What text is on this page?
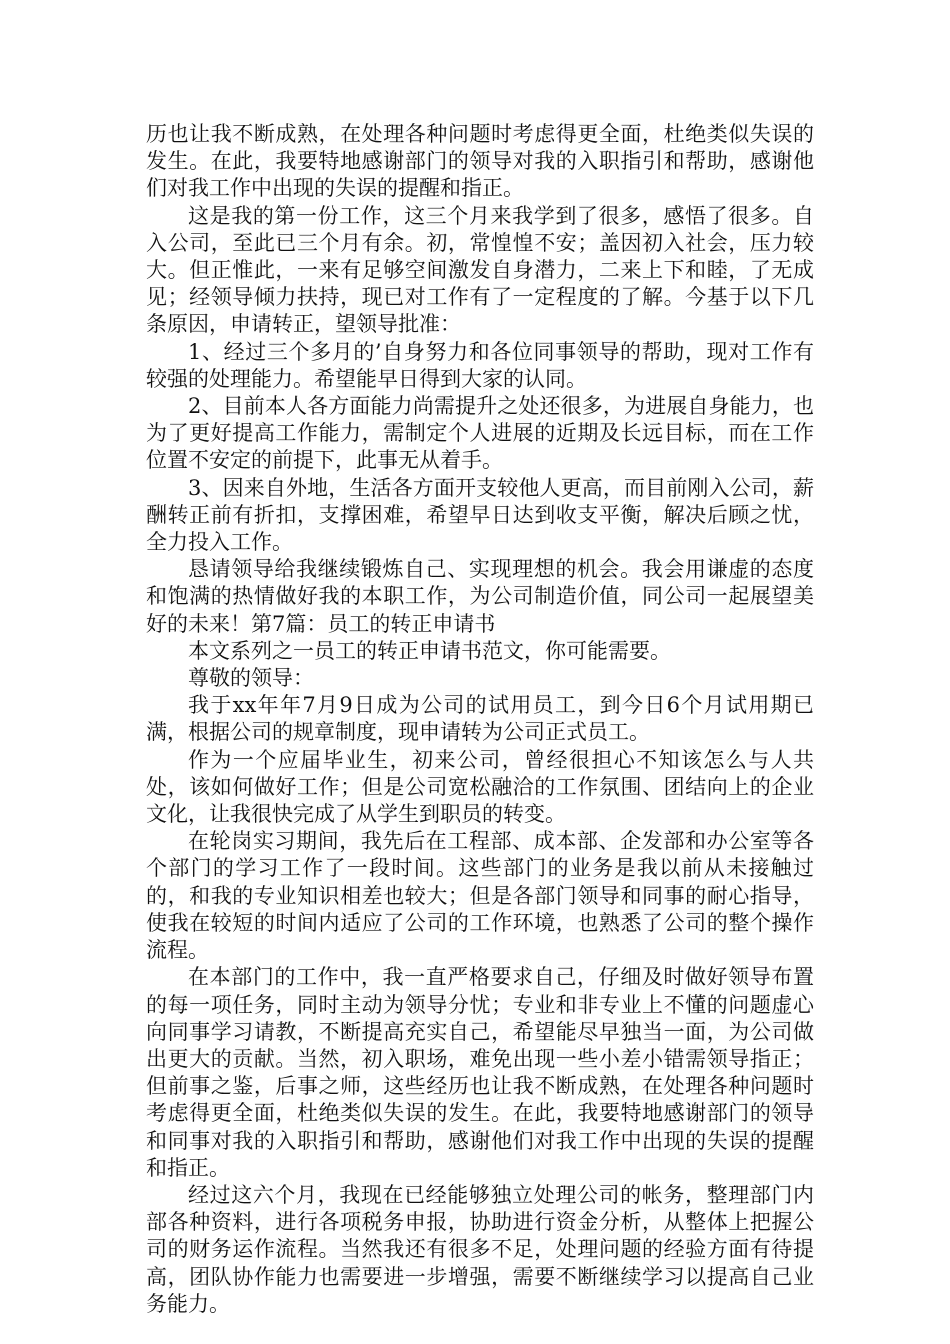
历也让我不断成熟，在处理各种问题时考虑得更全面，杜绝类似失误的发生。在此，我要特地感谢部门的领导对我的入职指引和帮助，感谢他们对我工作中出现的失误的提醒和指正。

这是我的第一份工作，这三个月来我学到了很多，感悟了很多。自入公司，至此已三个月有余。初，常惶惶不安；盖因初入社会，压力较大。但正惟此，一来有足够空间激发自身潜力，二来上下和睦，了无成见；经领导倾力扶持，现已对工作有了一定程度的了解。今基于以下几条原因，申请转正，望领导批准：

1、经过三个多月的’自身努力和各位同事领导的帮助，现对工作有较强的处理能力。希望能早日得到大家的认同。

2、目前本人各方面能力尚需提升之处还很多，为进展自身能力，也为了更好提高工作能力，需制定个人进展的近期及长远目标，而在工作位置不安定的前提下，此事无从着手。

3、因来自外地，生活各方面开支较他人更高，而目前刚入公司，薪酬转正前有折扣，支撑困难，希望早日达到收支平衡，解决后顾之忧，全力投入工作。

恳请领导给我继续锻炼自己、实现理想的机会。我会用谦虚的态度和饱满的热情做好我的本职工作，为公司制造价值，同公司一起展望美好的未来！第7篇：员工的转正申请书

本文系列之一员工的转正申请书范文，你可能需要。

尊敬的领导：

我于xx年年7月9日成为公司的试用员工，到今日6个月试用期已满，根据公司的规章制度，现申请转为公司正式员工。

作为一个应届毕业生，初来公司，曾经很担心不知该怎么与人共处，该如何做好工作；但是公司宽松融洽的工作氛围、团结向上的企业文化，让我很快完成了从学生到职员的转变。

在轮岗实习期间，我先后在工程部、成本部、企发部和办公室等各个部门的学习工作了一段时间。这些部门的业务是我以前从未接触过的，和我的专业知识相差也较大；但是各部门领导和同事的耐心指导，使我在较短的时间内适应了公司的工作环境，也熟悉了公司的整个操作流程。

在本部门的工作中，我一直严格要求自己，仔细及时做好领导布置的每一项任务，同时主动为领导分忧；专业和非专业上不懂的问题虚心向同事学习请教，不断提高充实自己，希望能尽早独当一面，为公司做出更大的贡献。当然，初入职场，难免出现一些小差小错需领导指正；但前事之鉴，后事之师，这些经历也让我不断成熟，在处理各种问题时考虑得更全面，杜绝类似失误的发生。在此，我要特地感谢部门的领导和同事对我的入职指引和帮助，感谢他们对我工作中出现的失误的提醒和指正。

经过这六个月，我现在已经能够独立处理公司的帐务，整理部门内部各种资料，进行各项税务申报，协助进行资金分析，从整体上把握公司的财务运作流程。当然我还有很多不足，处理问题的经验方面有待提高，团队协作能力也需要进一步增强，需要不断继续学习以提高自己业务能力。
